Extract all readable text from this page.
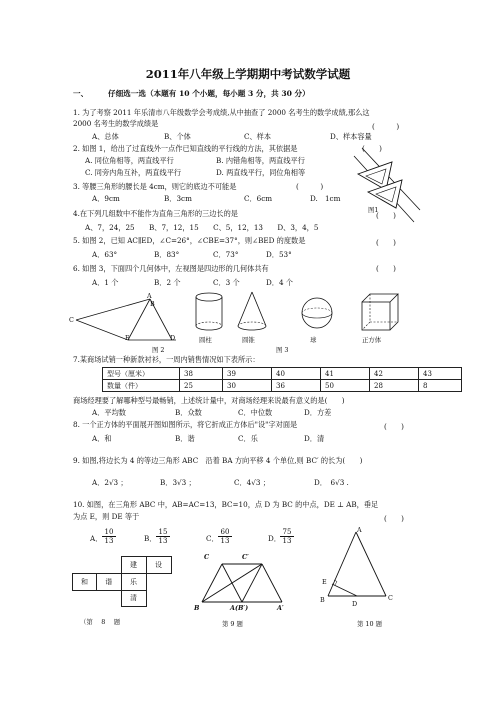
2011年八年级上学期期中考试数学试题
一、	仔细选一选（本题有 10 个小题，每小题 3 分，共 30 分）
1. 为了考察 2011 年乐清市八年级数学会考成绩,从中抽查了 2000 名考生的数学成绩,那么这
2000 名考生的数学成绩是	(　　　)
A、总体	B、个体	C、样本	D、样本容量
2. 如图 1，给出了过直线外一点作已知直线的平行线的方法，其依据是	(　　)
A. 同位角相等，两直线平行	B. 内错角相等，两直线平行
C. 同旁内角互补，两直线平行	D. 两直线平行，同位角相等
3. 等腰三角形的腰长是 4cm，则它的底边不可能是	(　　　)
A．9cm	B．3cm	C．6cm	D.　1cm
图1
4.在下列几组数中不能作为直角三角形的三边长的是	(　　)
A、7，24，25　　B、7，12，15　　C、5，12，13　　D、3，4，5
5. 如图 2，已知 AC∥ED，∠C=26°，∠CBE=37°，则∠BED 的度数是	(　　)
A．63°	B．83°	C．73°	D．53°
6. 如图 3，下面四个几何体中，左视图是四边形的几何体共有	(　　)
A．1 个	B．2 个	C．3 个	D．4 个
A
B
C
D
E
图 2
圆柱	圆锥	球	正方体
图 3
7.某商场试销一种新款衬衫，一周内销售情况如下表所示：
型号（厘米）	38	39	40	41	42	43
数量（件）	25	30	36	50	28	8
商场经理要了解哪种型号最畅销，上述统计量中，对商场经理来说最有意义的是(　　)
A．平均数	B．众数	C．中位数	D．方差
8. 一个正方体的平面展开图如图所示，将它折成正方体后"设"字对面是	(　　)
A．和	B．谐	C．乐	D．清
9. 如图,将边长为 4 的等边三角形 ABC　沿着 BA 方向平移 4 个单位,则 BC′ 的长为(　　)
A．2√3 ；	B．3√3 ；	C．4√3 ；	D．　6√3 .
10. 如图，在三角形 ABC 中，AB=AC=13，BC=10，点 D 为 BC 的中点，DE ⊥ AB，垂足
为点 E，则 DE 等于	(　　)
A． $\frac{10}{13}$	B． $\frac{15}{13}$	C． $\frac{60}{13}$	D． $\frac{75}{13}$
		建	设
和	谐	乐	
		清	
（第　 8　 题
C	C′
B	A(B′)	A′
第 9 题
A
E
B	D
C
第 10 题
